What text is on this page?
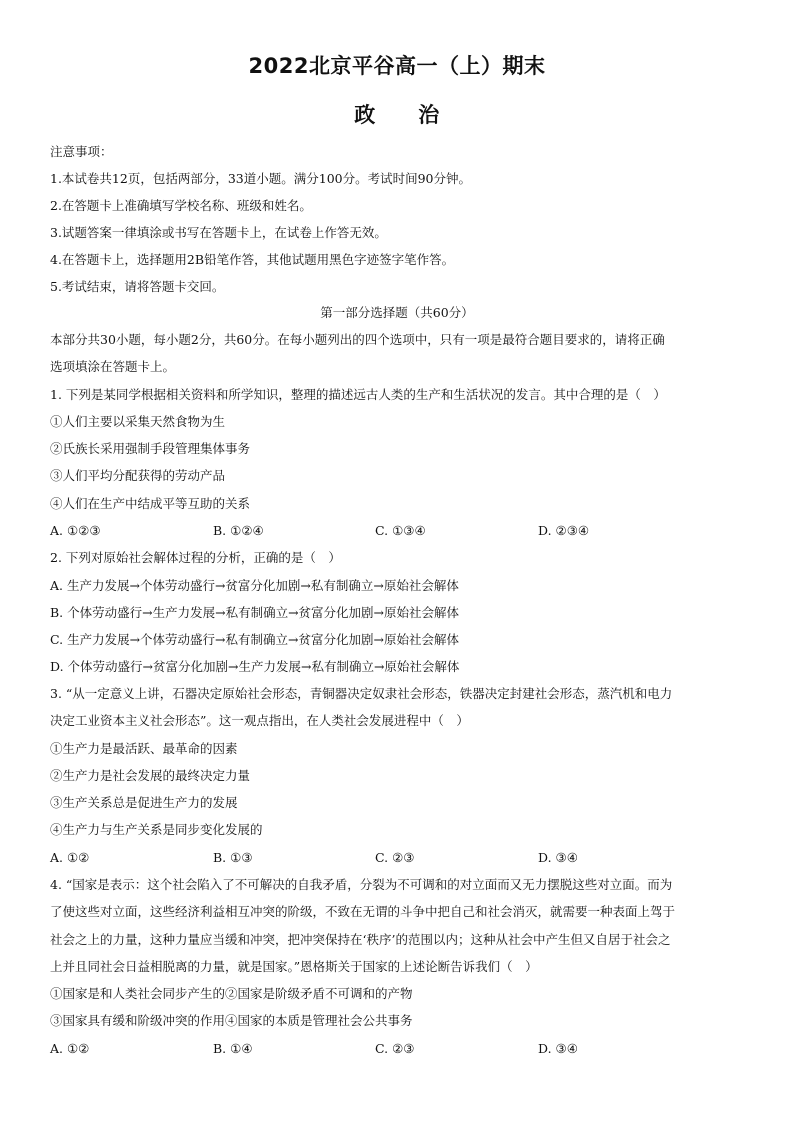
2022北京平谷高一（上）期末
政 治
注意事项：
1.本试卷共12页，包括两部分，33道小题。满分100分。考试时间90分钟。
2.在答题卡上准确填写学校名称、班级和姓名。
3.试题答案一律填涂或书写在答题卡上，在试卷上作答无效。
4.在答题卡上，选择题用2B铅笔作答，其他试题用黑色字迹签字笔作答。
5.考试结束，请将答题卡交回。
第一部分选择题（共60分）
本部分共30小题，每小题2分，共60分。在每小题列出的四个选项中，只有一项是最符合题目要求的，请将正确
选项填涂在答题卡上。
1. 下列是某同学根据相关资料和所学知识，整理的描述远古人类的生产和生活状况的发言。其中合理的是（　）
①人们主要以采集天然食物为生
②氏族长采用强制手段管理集体事务
③人们平均分配获得的劳动产品
④人们在生产中结成平等互助的关系
A. ①②③	B. ①②④	C. ①③④	D. ②③④
2. 下列对原始社会解体过程的分析，正确的是（　）
A. 生产力发展→个体劳动盛行→贫富分化加剧→私有制确立→原始社会解体
B. 个体劳动盛行→生产力发展→私有制确立→贫富分化加剧→原始社会解体
C. 生产力发展→个体劳动盛行→私有制确立→贫富分化加剧→原始社会解体
D. 个体劳动盛行→贫富分化加剧→生产力发展→私有制确立→原始社会解体
3. “从一定意义上讲，石器决定原始社会形态，青铜器决定奴隶社会形态，铁器决定封建社会形态，蒸汽机和电力
决定工业资本主义社会形态”。这一观点指出，在人类社会发展进程中（　）
①生产力是最活跃、最革命的因素
②生产力是社会发展的最终决定力量
③生产关系总是促进生产力的发展
④生产力与生产关系是同步变化发展的
A. ①②	B. ①③	C. ②③	D. ③④
4. “国家是表示：这个社会陷入了不可解决的自我矛盾，分裂为不可调和的对立面而又无力摆脱这些对立面。而为
了使这些对立面，这些经济利益相互冲突的阶级，不致在无谓的斗争中把自己和社会消灭，就需要一种表面上驾于
社会之上的力量，这种力量应当缓和冲突，把冲突保持在‘秩序’的范围以内；这种从社会中产生但又自居于社会之
上并且同社会日益相脱离的力量，就是国家。”恩格斯关于国家的上述论断告诉我们（　）
①国家是和人类社会同步产生的②国家是阶级矛盾不可调和的产物
③国家具有缓和阶级冲突的作用④国家的本质是管理社会公共事务
A. ①②	B. ①④	C. ②③	D. ③④
